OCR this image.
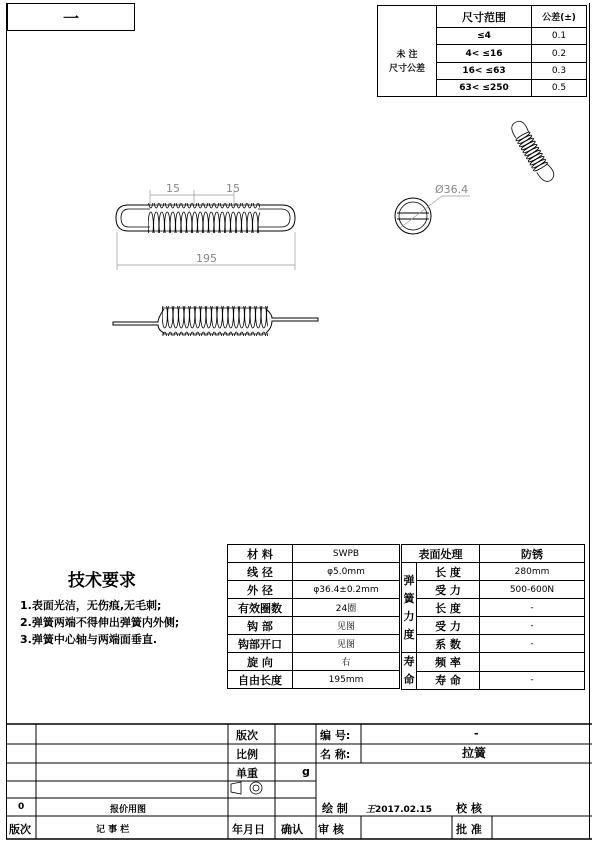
一
		尺寸范围	公差(±)

未 注
尺寸公差	≤4	0.1
	4< ≤16	0.2
	16< ≤63	0.3
	63< ≤250	0.5
15	15
195
Ø36.4
技术要求
1.表面光洁，无伤痕,无毛刺;
2.弹簧两端不得伸出弹簧内外侧;
3.弹簧中心轴与两端面垂直.
材 料	SWPB
线 径	φ5.0mm
外 径	φ36.4±0.2mm
有效圈数	24圈
钩 部	见图
钩部开口	见图
旋 向	右
自由长度	195mm
表面处理		防锈
弹簧力度	长 度	280mm
	受 力	500-600N
	长 度	-
	受 力	-
	系 数	-
寿命	频 率	
	寿 命	-
版次
比例
单重	g
编 号:	-
名 称:	拉簧
绘 制 王2017.02.15 校 核
审 核	批 准
确认
年月日
0	报价用图
版次	记 事 栏
